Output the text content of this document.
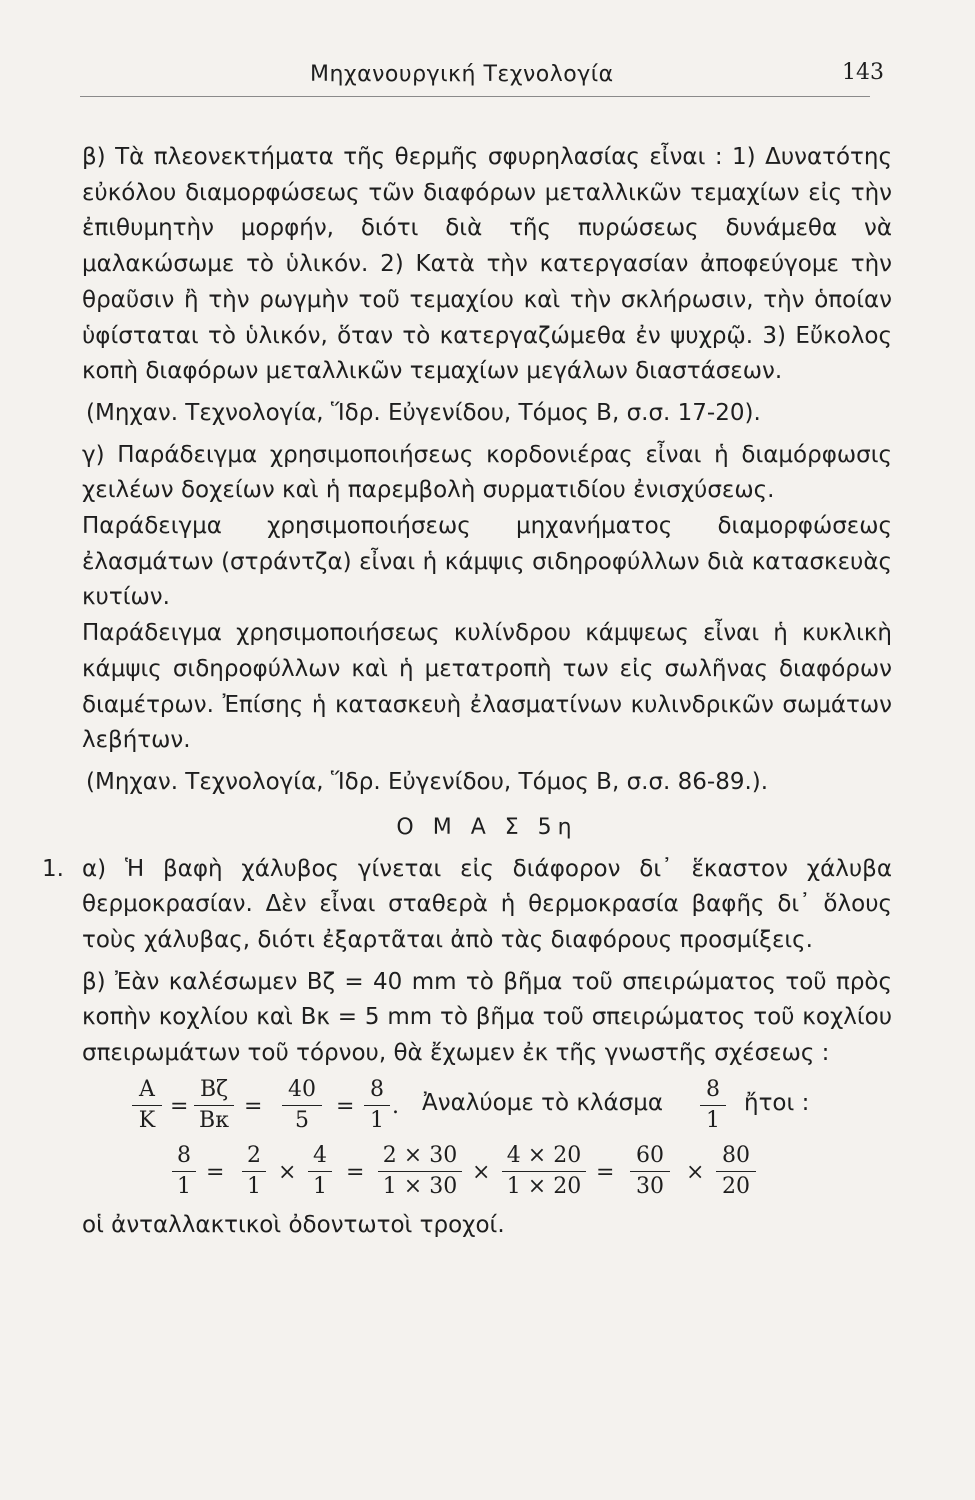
Μηχανουργική Τεχνολογία	143

β) Τὰ πλεονεκτήματα τῆς θερμῆς σφυρηλασίας εἶναι : 1) Δυνατότης εὐκόλου διαμορφώσεως τῶν διαφόρων μεταλλικῶν τεμαχίων εἰς τὴν ἐπιθυμητὴν μορφήν, διότι διὰ τῆς πυρώσεως δυνάμεθα νὰ μαλακώσωμε τὸ ὑλικόν. 2) Κατὰ τὴν κατεργασίαν ἀποφεύγομε τὴν θραῦσιν ἢ τὴν ρωγμὴν τοῦ τεμαχίου καὶ τὴν σκλήρωσιν, τὴν ὁποίαν ὑφίσταται τὸ ὑλικόν, ὅταν τὸ κατεργαζώμεθα ἐν ψυχρῷ. 3) Εὔκολος κοπὴ διαφόρων μεταλλικῶν τεμαχίων μεγάλων διαστάσεων.

(Μηχαν. Τεχνολογία, Ἵδρ. Εὐγενίδου, Τόμος Β, σ.σ. 17-20).

γ) Παράδειγμα χρησιμοποιήσεως κορδονιέρας εἶναι ἡ διαμόρφωσις χειλέων δοχείων καὶ ἡ παρεμβολὴ συρματιδίου ἐνισχύσεως.

Παράδειγμα χρησιμοποιήσεως μηχανήματος διαμορφώσεως ἐλασμάτων (στράντζα) εἶναι ἡ κάμψις σιδηροφύλλων διὰ κατασκευὰς κυτίων.

Παράδειγμα χρησιμοποιήσεως κυλίνδρου κάμψεως εἶναι ἡ κυκλικὴ κάμψις σιδηροφύλλων καὶ ἡ μετατροπὴ των εἰς σωλῆνας διαφόρων διαμέτρων. Ἐπίσης ἡ κατασκευὴ ἐλασματίνων κυλινδρικῶν σωμάτων λεβήτων.

(Μηχαν. Τεχνολογία, Ἵδρ. Εὐγενίδου, Τόμος Β, σ.σ. 86-89.).

Ο Μ Α Σ 5η
1. α) Ἡ βαφὴ χάλυβος γίνεται εἰς διάφορον δι᾽ ἕκαστον χάλυβα θερμοκρασίαν. Δὲν εἶναι σταθερὰ ἡ θερμοκρασία βαφῆς δι᾽ ὅλους τοὺς χάλυβας, διότι ἐξαρτᾶται ἀπὸ τὰς διαφόρους προσμίξεις.

β) Ἐὰν καλέσωμεν Βζ = 40 mm τὸ βῆμα τοῦ σπειρώματος τοῦ πρὸς κοπὴν κοχλίου καὶ Βκ = 5 mm τὸ βῆμα τοῦ σπειρώματος τοῦ κοχλίου σπειρωμάτων τοῦ τόρνου, θὰ ἔχωμεν ἐκ τῆς γνωστῆς σχέσεως :

Α
Κ
=
Βζ
Βκ
=
40
5
=
8
1
. Ἀναλύομε τὸ κλάσμα
8
1
ἤτοι :
8
1
=
2
1
×
4
1
=
2 × 30
1 × 30
×
4 × 20
1 × 20
=
60
30
×
80
20

οἱ ἀνταλλακτικοὶ ὀδοντωτοὶ τροχοί.
